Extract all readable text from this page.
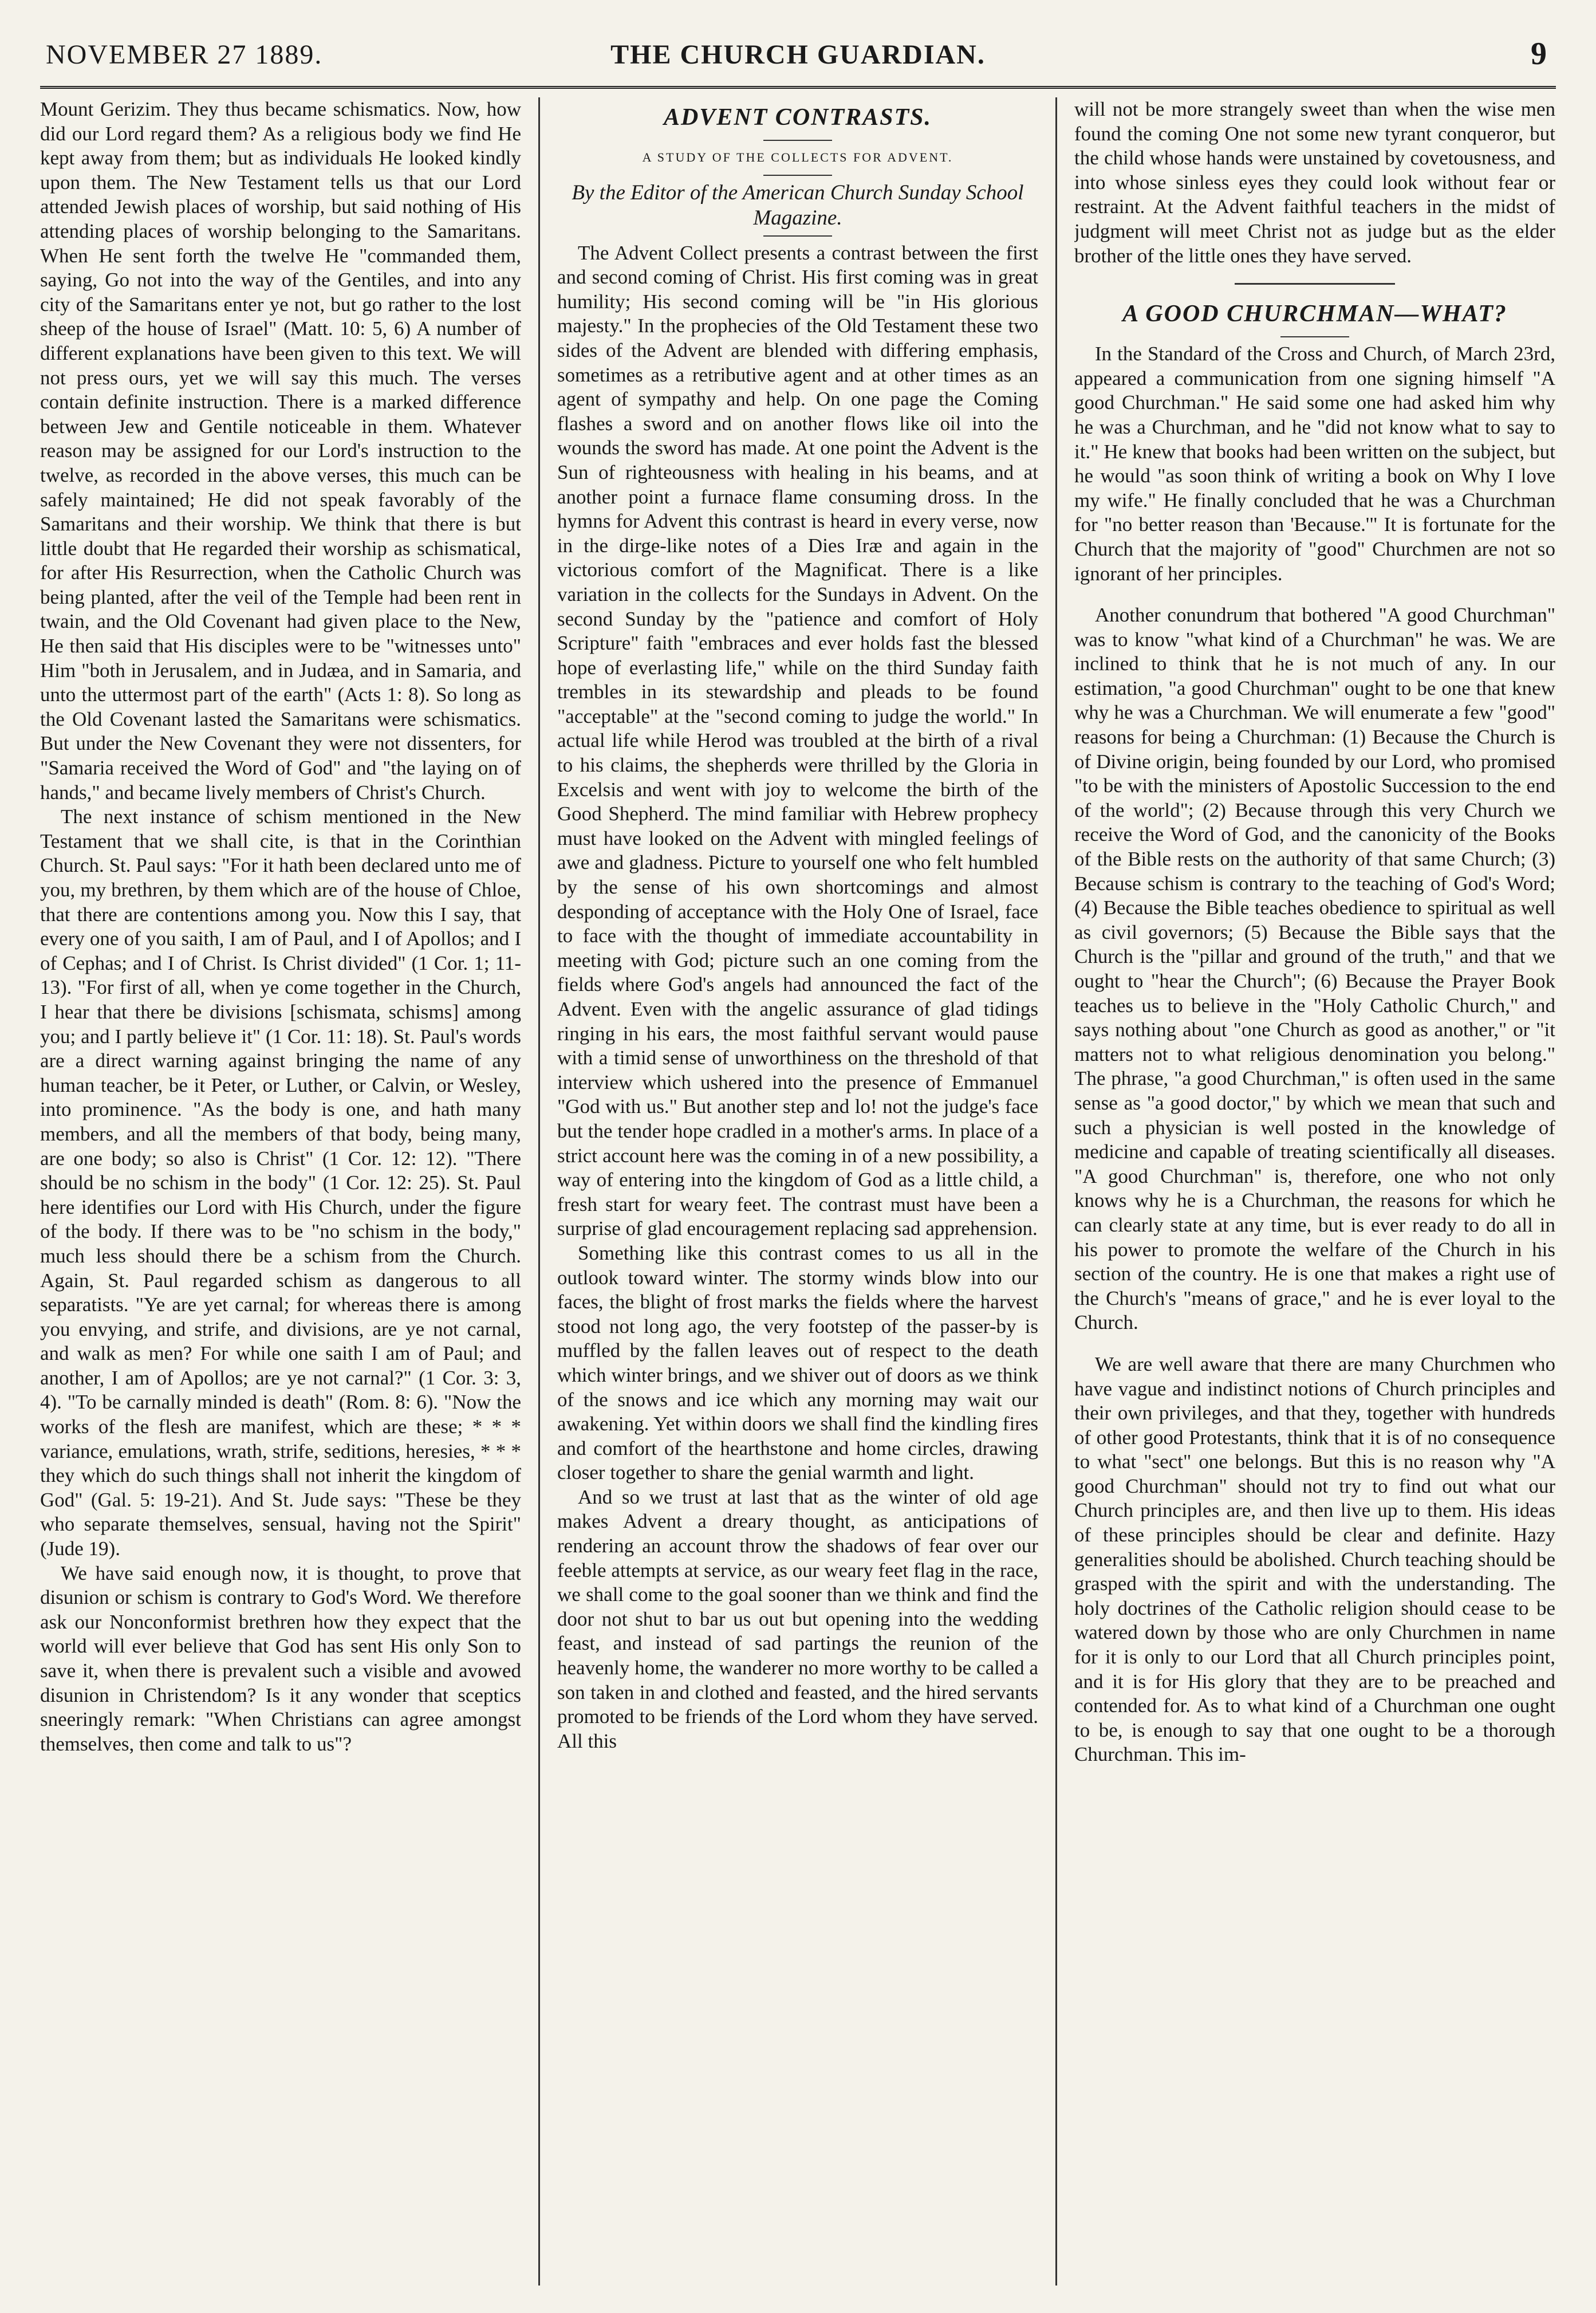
NOVEMBER 27 1889.	THE CHURCH GUARDIAN.	9

Mount Gerizim. They thus became schismatics. Now, how did our Lord regard them? As a religious body we find He kept away from them; but as individuals He looked kindly upon them. The New Testament tells us that our Lord attended Jewish places of worship, but said nothing of His attending places of worship belonging to the Samaritans. When He sent forth the twelve He "commanded them, saying, Go not into the way of the Gentiles, and into any city of the Samaritans enter ye not, but go rather to the lost sheep of the house of Israel" (Matt. 10: 5, 6) A number of different explanations have been given to this text. We will not press ours, yet we will say this much. The verses contain definite instruction. There is a marked difference between Jew and Gentile noticeable in them. Whatever reason may be assigned for our Lord's instruction to the twelve, as recorded in the above verses, this much can be safely maintained; He did not speak favorably of the Samaritans and their worship. We think that there is but little doubt that He regarded their worship as schismatical, for after His Resurrection, when the Catholic Church was being planted, after the veil of the Temple had been rent in twain, and the Old Covenant had given place to the New, He then said that His disciples were to be "witnesses unto" Him "both in Jerusalem, and in Judæa, and in Samaria, and unto the uttermost part of the earth" (Acts 1: 8). So long as the Old Covenant lasted the Samaritans were schismatics. But under the New Covenant they were not dissenters, for "Samaria received the Word of God" and "the laying on of hands," and became lively members of Christ's Church.

The next instance of schism mentioned in the New Testament that we shall cite, is that in the Corinthian Church. St. Paul says: "For it hath been declared unto me of you, my brethren, by them which are of the house of Chloe, that there are contentions among you. Now this I say, that every one of you saith, I am of Paul, and I of Apollos; and I of Cephas; and I of Christ. Is Christ divided" (1 Cor. 1; 11-13). "For first of all, when ye come together in the Church, I hear that there be divisions [schismata, schisms] among you; and I partly believe it" (1 Cor. 11: 18). St. Paul's words are a direct warning against bringing the name of any human teacher, be it Peter, or Luther, or Calvin, or Wesley, into prominence. "As the body is one, and hath many members, and all the members of that body, being many, are one body; so also is Christ" (1 Cor. 12: 12). "There should be no schism in the body" (1 Cor. 12: 25). St. Paul here identifies our Lord with His Church, under the figure of the body. If there was to be "no schism in the body," much less should there be a schism from the Church. Again, St. Paul regarded schism as dangerous to all separatists. "Ye are yet carnal; for whereas there is among you envying, and strife, and divisions, are ye not carnal, and walk as men? For while one saith I am of Paul; and another, I am of Apollos; are ye not carnal?" (1 Cor. 3: 3, 4). "To be carnally minded is death" (Rom. 8: 6). "Now the works of the flesh are manifest, which are these; * * * variance, emulations, wrath, strife, seditions, heresies, * * * they which do such things shall not inherit the kingdom of God" (Gal. 5: 19-21). And St. Jude says: "These be they who separate themselves, sensual, having not the Spirit" (Jude 19).

We have said enough now, it is thought, to prove that disunion or schism is contrary to God's Word. We therefore ask our Nonconformist brethren how they expect that the world will ever believe that God has sent His only Son to save it, when there is prevalent such a visible and avowed disunion in Christendom? Is it any wonder that sceptics sneeringly remark: "When Christians can agree amongst themselves, then come and talk to us"?

ADVENT CONTRASTS.

A STUDY OF THE COLLECTS FOR ADVENT.

By the Editor of the American Church Sunday School Magazine.

The Advent Collect presents a contrast between the first and second coming of Christ. His first coming was in great humility; His second coming will be "in His glorious majesty." In the prophecies of the Old Testament these two sides of the Advent are blended with differing emphasis, sometimes as a retributive agent and at other times as an agent of sympathy and help. On one page the Coming flashes a sword and on another flows like oil into the wounds the sword has made. At one point the Advent is the Sun of righteousness with healing in his beams, and at another point a furnace flame consuming dross. In the hymns for Advent this contrast is heard in every verse, now in the dirge-like notes of a Dies Iræ and again in the victorious comfort of the Magnificat. There is a like variation in the collects for the Sundays in Advent. On the second Sunday by the "patience and comfort of Holy Scripture" faith "embraces and ever holds fast the blessed hope of everlasting life," while on the third Sunday faith trembles in its stewardship and pleads to be found "acceptable" at the "second coming to judge the world." In actual life while Herod was troubled at the birth of a rival to his claims, the shepherds were thrilled by the Gloria in Excelsis and went with joy to welcome the birth of the Good Shepherd. The mind familiar with Hebrew prophecy must have looked on the Advent with mingled feelings of awe and gladness. Picture to yourself one who felt humbled by the sense of his own shortcomings and almost desponding of acceptance with the Holy One of Israel, face to face with the thought of immediate accountability in meeting with God; picture such an one coming from the fields where God's angels had announced the fact of the Advent. Even with the angelic assurance of glad tidings ringing in his ears, the most faithful servant would pause with a timid sense of unworthiness on the threshold of that interview which ushered into the presence of Emmanuel "God with us." But another step and lo! not the judge's face but the tender hope cradled in a mother's arms. In place of a strict account here was the coming in of a new possibility, a way of entering into the kingdom of God as a little child, a fresh start for weary feet. The contrast must have been a surprise of glad encouragement replacing sad apprehension.

Something like this contrast comes to us all in the outlook toward winter. The stormy winds blow into our faces, the blight of frost marks the fields where the harvest stood not long ago, the very footstep of the passer-by is muffled by the fallen leaves out of respect to the death which winter brings, and we shiver out of doors as we think of the snows and ice which any morning may wait our awakening. Yet within doors we shall find the kindling fires and comfort of the hearthstone and home circles, drawing closer together to share the genial warmth and light.

And so we trust at last that as the winter of old age makes Advent a dreary thought, as anticipations of rendering an account throw the shadows of fear over our feeble attempts at service, as our weary feet flag in the race, we shall come to the goal sooner than we think and find the door not shut to bar us out but opening into the wedding feast, and instead of sad partings the reunion of the heavenly home, the wanderer no more worthy to be called a son taken in and clothed and feasted, and the hired servants promoted to be friends of the Lord whom they have served. All this

will not be more strangely sweet than when the wise men found the coming One not some new tyrant conqueror, but the child whose hands were unstained by covetousness, and into whose sinless eyes they could look without fear or restraint. At the Advent faithful teachers in the midst of judgment will meet Christ not as judge but as the elder brother of the little ones they have served.

A GOOD CHURCHMAN—WHAT?

In the Standard of the Cross and Church, of March 23rd, appeared a communication from one signing himself "A good Churchman." He said some one had asked him why he was a Churchman, and he "did not know what to say to it." He knew that books had been written on the subject, but he would "as soon think of writing a book on Why I love my wife." He finally concluded that he was a Churchman for "no better reason than 'Because.'" It is fortunate for the Church that the majority of "good" Churchmen are not so ignorant of her principles.

Another conundrum that bothered "A good Churchman" was to know "what kind of a Churchman" he was. We are inclined to think that he is not much of any. In our estimation, "a good Churchman" ought to be one that knew why he was a Churchman. We will enumerate a few "good" reasons for being a Churchman: (1) Because the Church is of Divine origin, being founded by our Lord, who promised "to be with the ministers of Apostolic Succession to the end of the world"; (2) Because through this very Church we receive the Word of God, and the canonicity of the Books of the Bible rests on the authority of that same Church; (3) Because schism is contrary to the teaching of God's Word; (4) Because the Bible teaches obedience to spiritual as well as civil governors; (5) Because the Bible says that the Church is the "pillar and ground of the truth," and that we ought to "hear the Church"; (6) Because the Prayer Book teaches us to believe in the "Holy Catholic Church," and says nothing about "one Church as good as another," or "it matters not to what religious denomination you belong." The phrase, "a good Churchman," is often used in the same sense as "a good doctor," by which we mean that such and such a physician is well posted in the knowledge of medicine and capable of treating scientifically all diseases. "A good Churchman" is, therefore, one who not only knows why he is a Churchman, the reasons for which he can clearly state at any time, but is ever ready to do all in his power to promote the welfare of the Church in his section of the country. He is one that makes a right use of the Church's "means of grace," and he is ever loyal to the Church.

We are well aware that there are many Churchmen who have vague and indistinct notions of Church principles and their own privileges, and that they, together with hundreds of other good Protestants, think that it is of no consequence to what "sect" one belongs. But this is no reason why "A good Churchman" should not try to find out what our Church principles are, and then live up to them. His ideas of these principles should be clear and definite. Hazy generalities should be abolished. Church teaching should be grasped with the spirit and with the understanding. The holy doctrines of the Catholic religion should cease to be watered down by those who are only Churchmen in name for it is only to our Lord that all Church principles point, and it is for His glory that they are to be preached and contended for. As to what kind of a Churchman one ought to be, is enough to say that one ought to be a thorough Churchman. This im-
